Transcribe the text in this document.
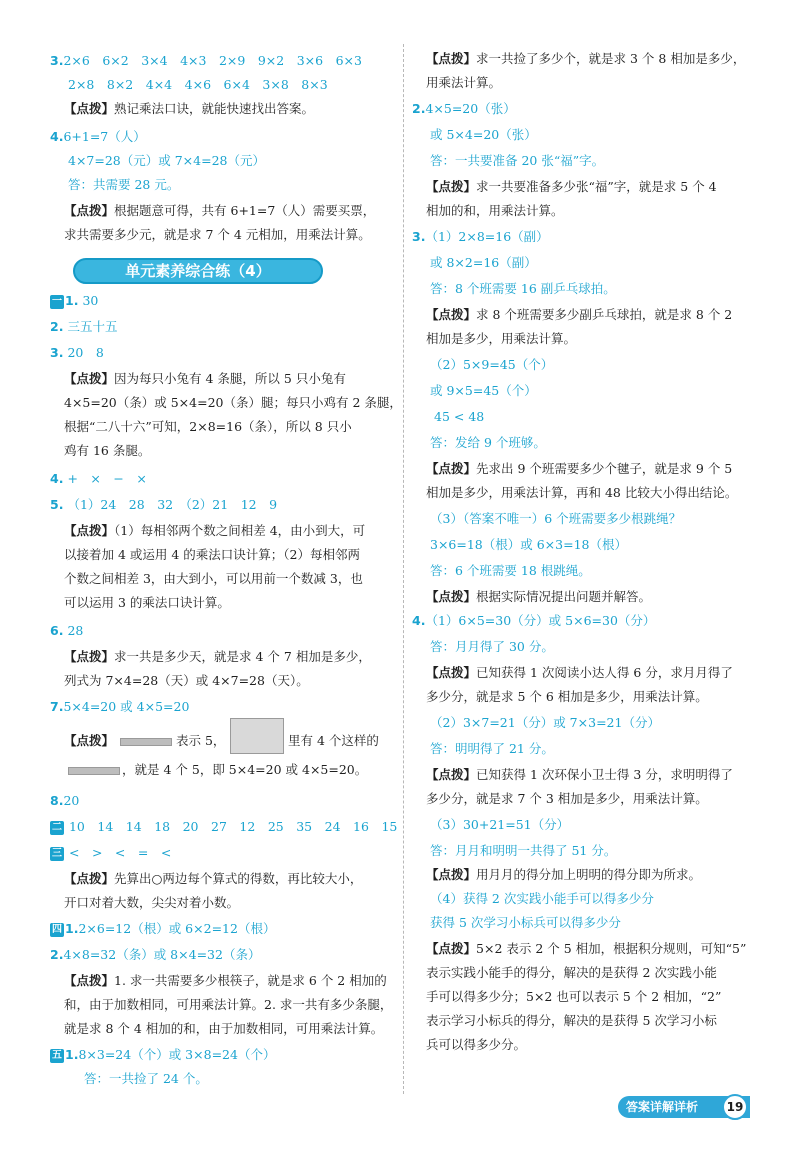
3.2×6　6×2　3×4　4×3　2×9　9×2　3×6　6×3
2×8　8×2　4×4　4×6　6×4　3×8　8×3
【点拨】熟记乘法口诀，就能快速找出答案。
4.6+1=7（人）
4×7=28（元）或 7×4=28（元）
答：共需要 28 元。
【点拨】根据题意可得，共有 6+1=7（人）需要买票，
求共需要多少元，就是求 7 个 4 元相加，用乘法计算。
单元素养综合练（4）
一 1. 30
2. 三五十五
3. 20　8
【点拨】因为每只小兔有 4 条腿，所以 5 只小兔有
4×5=20（条）或 5×4=20（条）腿；每只小鸡有 2 条腿，
根据“二八十六”可知，2×8=16（条），所以 8 只小
鸡有 16 条腿。
4. +　×　−　×
5. （1）24　28　32　（2）21　12　9
【点拨】（1）每相邻两个数之间相差 4，由小到大，可
以接着加 4 或运用 4 的乘法口诀计算；（2）每相邻两
个数之间相差 3，由大到小，可以用前一个数减 3，也
可以运用 3 的乘法口诀计算。
6. 28
【点拨】求一共是多少天，就是求 4 个 7 相加是多少，
列式为 7×4=28（天）或 4×7=28（天）。
7.5×4=20 或 4×5=20
【点拨】	表示 5，	里有 4 个这样的
，就是 4 个 5，即 5×4=20 或 4×5=20。
8.20
二 10　14　14　18　20　27　12　25　35　24　16　15
三 <　>　<　=　<
【点拨】先算出○两边每个算式的得数，再比较大小，
开口对着大数，尖尖对着小数。
四 1.2×6=12（根）或 6×2=12（根）
2.4×8=32（条）或 8×4=32（条）
【点拨】1. 求一共需要多少根筷子，就是求 6 个 2 相加的
和，由于加数相同，可用乘法计算。2. 求一共有多少条腿，
就是求 8 个 4 相加的和，由于加数相同，可用乘法计算。
五 1.8×3=24（个）或 3×8=24（个）
答：一共捡了 24 个。
【点拨】求一共捡了多少个，就是求 3 个 8 相加是多少，
用乘法计算。
2.4×5=20（张）
或 5×4=20（张）
答：一共要准备 20 张“福”字。
【点拨】求一共要准备多少张“福”字，就是求 5 个 4
相加的和，用乘法计算。
3.（1）2×8=16（副）
或 8×2=16（副）
答：8 个班需要 16 副乒乓球拍。
【点拨】求 8 个班需要多少副乒乓球拍，就是求 8 个 2
相加是多少，用乘法计算。
（2）5×9=45（个）
或 9×5=45（个）
45 < 48
答：发给 9 个班够。
【点拨】先求出 9 个班需要多少个毽子，就是求 9 个 5
相加是多少，用乘法计算，再和 48 比较大小得出结论。
（3）（答案不唯一）6 个班需要多少根跳绳？
3×6=18（根）或 6×3=18（根）
答：6 个班需要 18 根跳绳。
【点拨】根据实际情况提出问题并解答。
4.（1）6×5=30（分）或 5×6=30（分）
答：月月得了 30 分。
【点拨】已知获得 1 次阅读小达人得 6 分，求月月得了
多少分，就是求 5 个 6 相加是多少，用乘法计算。
（2）3×7=21（分）或 7×3=21（分）
答：明明得了 21 分。
【点拨】已知获得 1 次环保小卫士得 3 分，求明明得了
多少分，就是求 7 个 3 相加是多少，用乘法计算。
（3）30+21=51（分）
答：月月和明明一共得了 51 分。
【点拨】用月月的得分加上明明的得分即为所求。
（4）获得 2 次实践小能手可以得多少分
获得 5 次学习小标兵可以得多少分
【点拨】5×2 表示 2 个 5 相加，根据积分规则，可知“5”
表示实践小能手的得分，解决的是获得 2 次实践小能
手可以得多少分；5×2 也可以表示 5 个 2 相加，“2”
表示学习小标兵的得分，解决的是获得 5 次学习小标
兵可以得多少分。
答案详解详析	19
